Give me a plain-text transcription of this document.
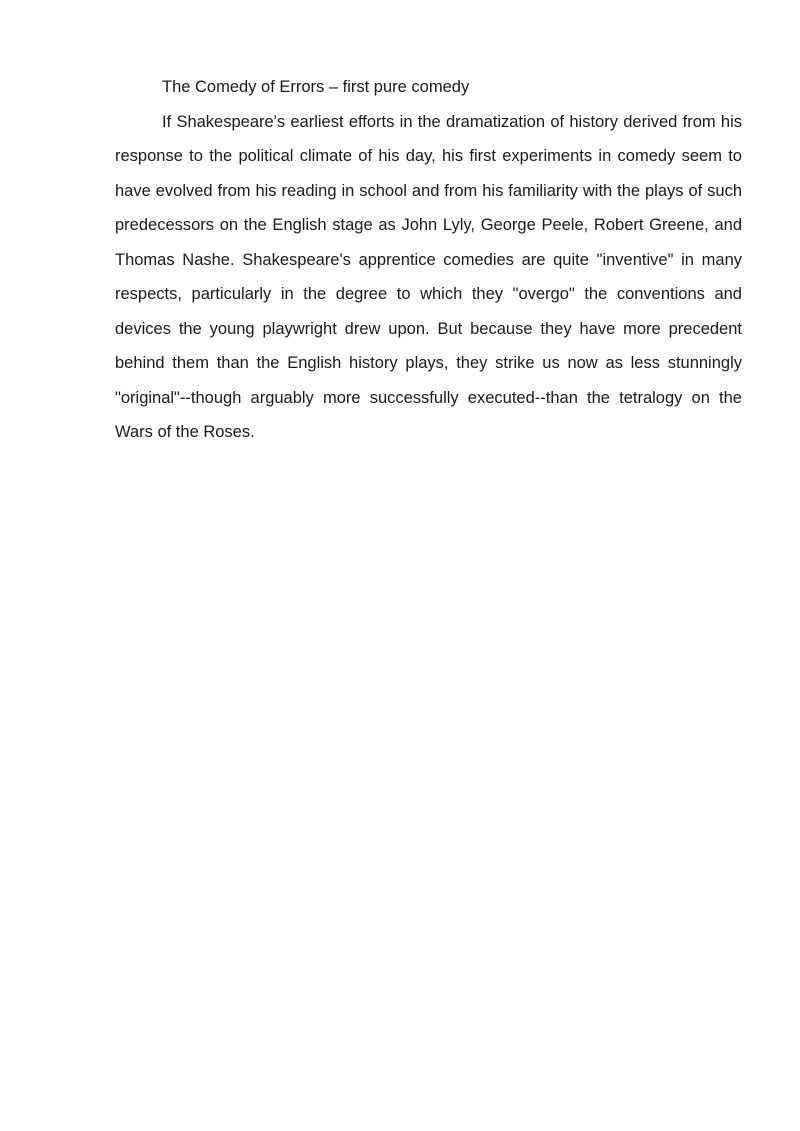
The Comedy of Errors – first pure comedy

If Shakespeare's earliest efforts in the dramatization of history derived from his response to the political climate of his day, his first experiments in comedy seem to have evolved from his reading in school and from his familiarity with the plays of such predecessors on the English stage as John Lyly, George Peele, Robert Greene, and Thomas Nashe. Shakespeare's apprentice comedies are quite "inventive" in many respects, particularly in the degree to which they "overgo" the conventions and devices the young playwright drew upon. But because they have more precedent behind them than the English history plays, they strike us now as less stunningly "original"--though arguably more successfully executed--than the tetralogy on the Wars of the Roses.
